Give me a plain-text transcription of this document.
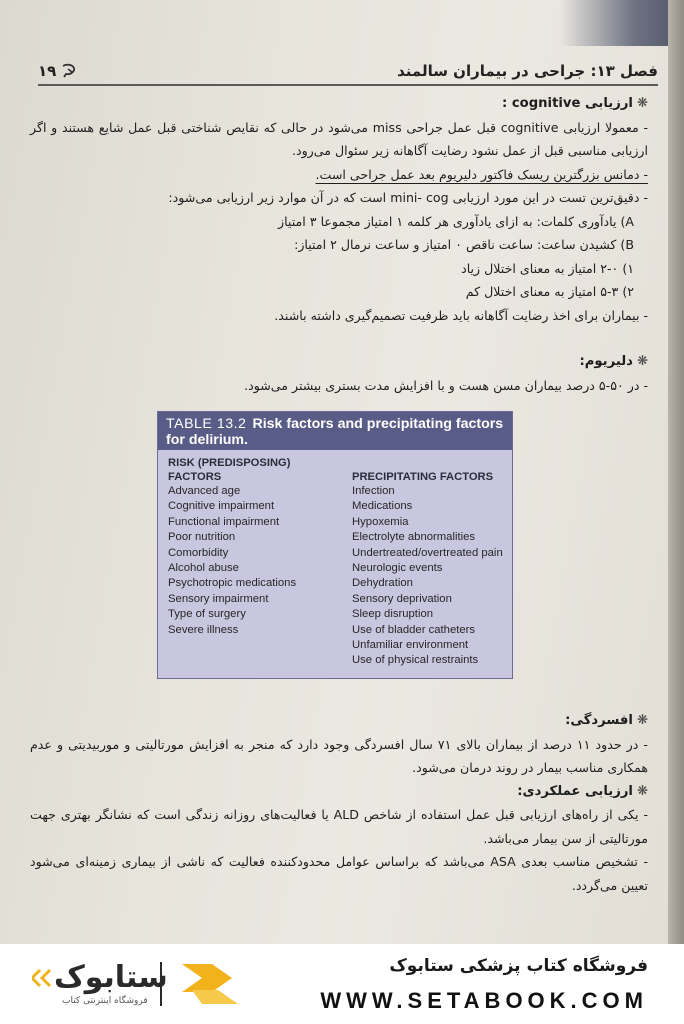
فصل ۱۳: جراحی در بیماران سالمند
۱۹
❋ارزیابی cognitive :
- معمولا ارزیابی cognitive قبل عمل جراحی miss می‌شود در حالی که نقایص شناختی قبل عمل شایع هستند و اگر ارزیابی مناسبی قبل از عمل نشود رضایت آگاهانه زیر سئوال می‌رود.
- دمانس بزرگترین ریسک فاکتور دلیریوم بعد عمل جراحی است.
- دقیق‌ترین تست در این مورد ارزیابی mini- cog است که در آن موارد زیر ارزیابی می‌شود:
A) یادآوری کلمات: به ازای یادآوری هر کلمه ۱ امتیاز مجموعا ۳ امتیاز
B) کشیدن ساعت: ساعت ناقص ۰ امتیاز و ساعت نرمال ۲ امتیاز:
۱) ۲-۰ امتیاز به معنای اختلال زیاد
۲) ۵-۳ امتیاز به معنای اختلال کم
- بیماران برای اخذ رضایت آگاهانه باید ظرفیت تصمیم‌گیری داشته باشند.
❋دلیریوم:
- در ۵۰-۵ درصد بیماران مسن هست و با افزایش مدت بستری بیشتر می‌شود.
TABLE 13.2 Risk factors and precipitating factors for delirium.
RISK (PREDISPOSING)
FACTORS
Advanced age
Cognitive impairment
Functional impairment
Poor nutrition
Comorbidity
Alcohol abuse
Psychotropic medications
Sensory impairment
Type of surgery
Severe illness
PRECIPITATING FACTORS
Infection
Medications
Hypoxemia
Electrolyte abnormalities
Undertreated/overtreated pain
Neurologic events
Dehydration
Sensory deprivation
Sleep disruption
Use of bladder catheters
Unfamiliar environment
Use of physical restraints
❋افسردگی:
- در حدود ۱۱ درصد از بیماران بالای ۷۱ سال افسردگی وجود دارد که منجر به افزایش مورتالیتی و موربیدیتی و عدم همکاری مناسب بیمار در روند درمان می‌شود.
❋ارزیابی عملکردی:
- یکی از راه‌های ارزیابی قبل عمل استفاده از شاخص ALD یا فعالیت‌های روزانه زندگی است که نشانگر بهتری جهت مورتالیتی از سن بیمار می‌باشد.
- تشخیص مناسب بعدی ASA می‌باشد که براساس عوامل محدودکننده فعالیت که ناشی از بیماری زمینه‌ای می‌شود تعیین می‌گردد.
ستابوک
فروشگاه اینترنتی کتاب
فروشگاه کتاب پزشکی ستابوک
WWW.SETABOOK.COM
